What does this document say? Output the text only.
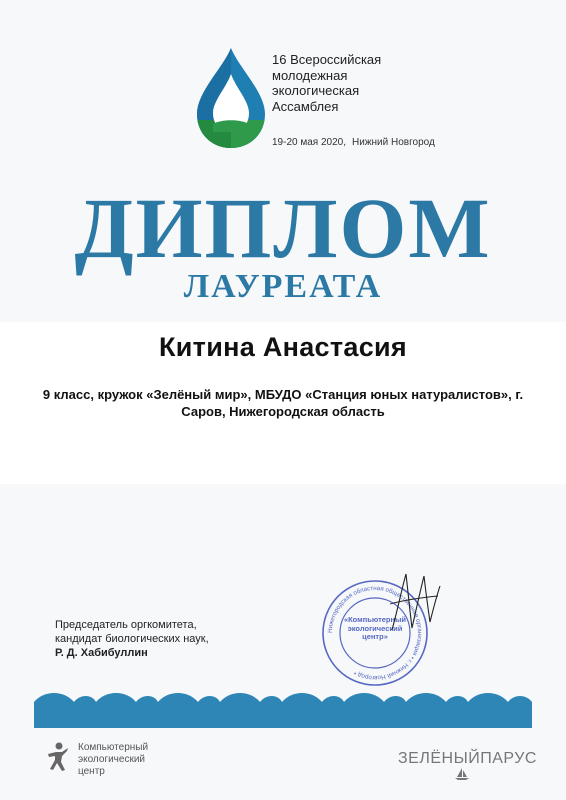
16 Всероссийская
молодежная
экологическая
Ассамблея
19-20 мая 2020, Нижний Новгород
ДИПЛОМ
ЛАУРЕАТА
Китина Анастасия
9 класс, кружок «Зелёный мир», МБУДО «Станция юных натуралистов», г. Саров, Нижегородская область
Председатель оргкомитета,
кандидат биологических наук,
Р. Д. Хабибуллин
Нижегородская областная общественная организация • г. Нижний Новгород •
«Компьютерный экологический центр»
Компьютерный
экологический
центр
ЗЕЛЁНЫЙПАРУС
